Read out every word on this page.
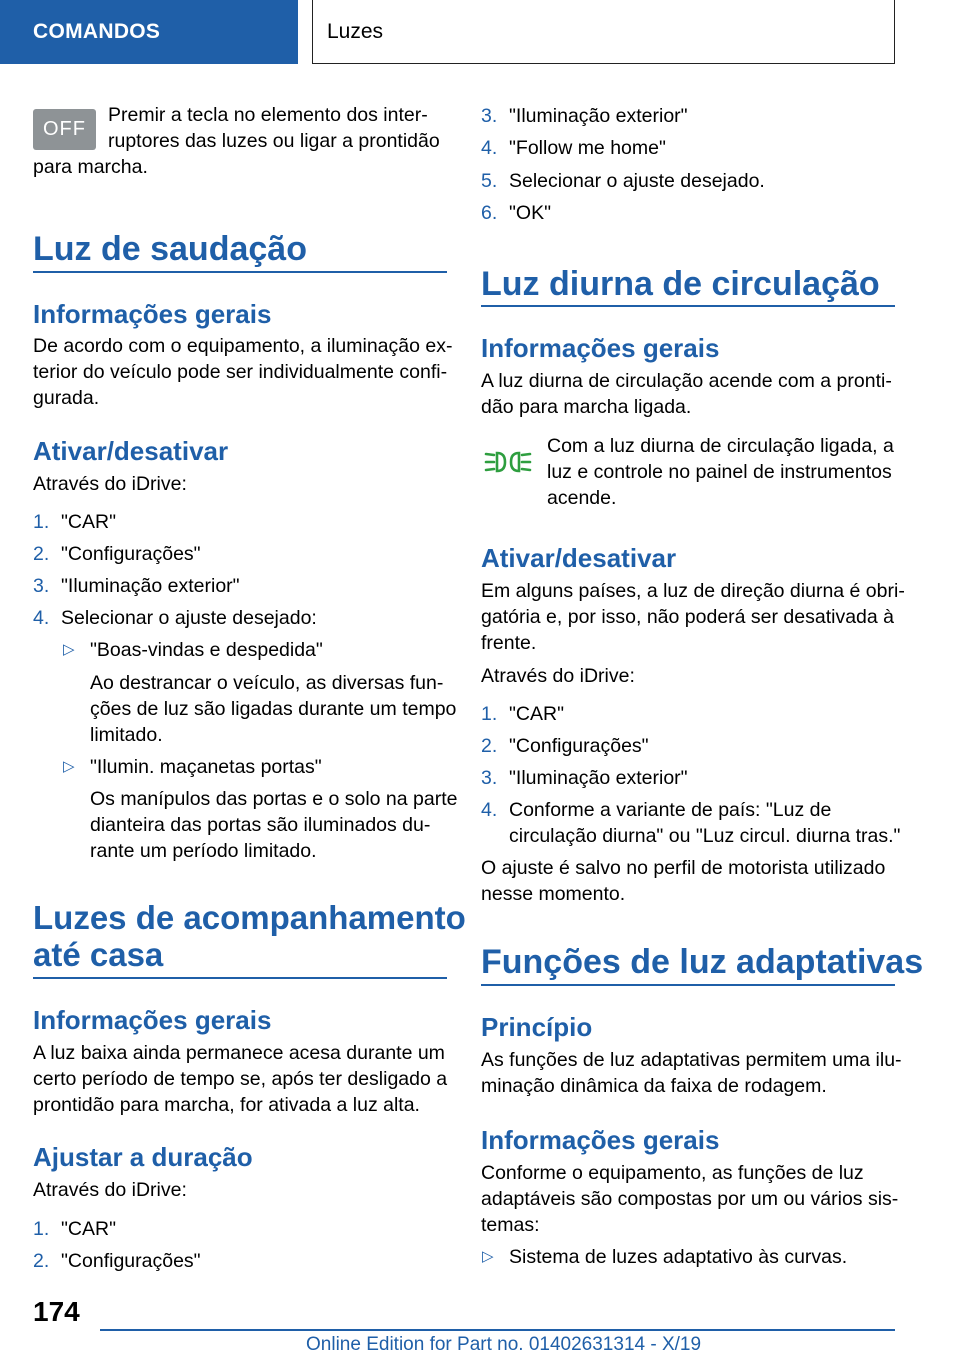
COMANDOS	Luzes
OFF
Premir a tecla no elemento dos inter‐
ruptores das luzes ou ligar a prontidão
para marcha.
Luz de saudação
Informações gerais
De acordo com o equipamento, a iluminação ex‐
terior do veículo pode ser individualmente confi‐
gurada.
Ativar/desativar
Através do iDrive:
1. "CAR"
2. "Configurações"
3. "Iluminação exterior"
4. Selecionar o ajuste desejado:
▷ "Boas-vindas e despedida"
Ao destrancar o veículo, as diversas fun‐
ções de luz são ligadas durante um tempo
limitado.
▷ "Ilumin. maçanetas portas"
Os manípulos das portas e o solo na parte
dianteira das portas são iluminados du‐
rante um período limitado.
Luzes de acompanhamento
até casa
Informações gerais
A luz baixa ainda permanece acesa durante um
certo período de tempo se, após ter desligado a
prontidão para marcha, for ativada a luz alta.
Ajustar a duração
Através do iDrive:
1. "CAR"
2. "Configurações"
3. "Iluminação exterior"
4. "Follow me home"
5. Selecionar o ajuste desejado.
6. "OK"
Luz diurna de circulação
Informações gerais
A luz diurna de circulação acende com a pronti‐
dão para marcha ligada.
Com a luz diurna de circulação ligada, a
luz e controle no painel de instrumentos
acende.
Ativar/desativar
Em alguns países, a luz de direção diurna é obri‐
gatória e, por isso, não poderá ser desativada à
frente.
Através do iDrive:
1. "CAR"
2. "Configurações"
3. "Iluminação exterior"
4. Conforme a variante de país: "Luz de
circulação diurna" ou "Luz circul. diurna tras."
O ajuste é salvo no perfil de motorista utilizado
nesse momento.
Funções de luz adaptativas
Princípio
As funções de luz adaptativas permitem uma ilu‐
minação dinâmica da faixa de rodagem.
Informações gerais
Conforme o equipamento, as funções de luz
adaptáveis são compostas por um ou vários sis‐
temas:
▷ Sistema de luzes adaptativo às curvas.
174
Online Edition for Part no. 01402631314 - X/19
